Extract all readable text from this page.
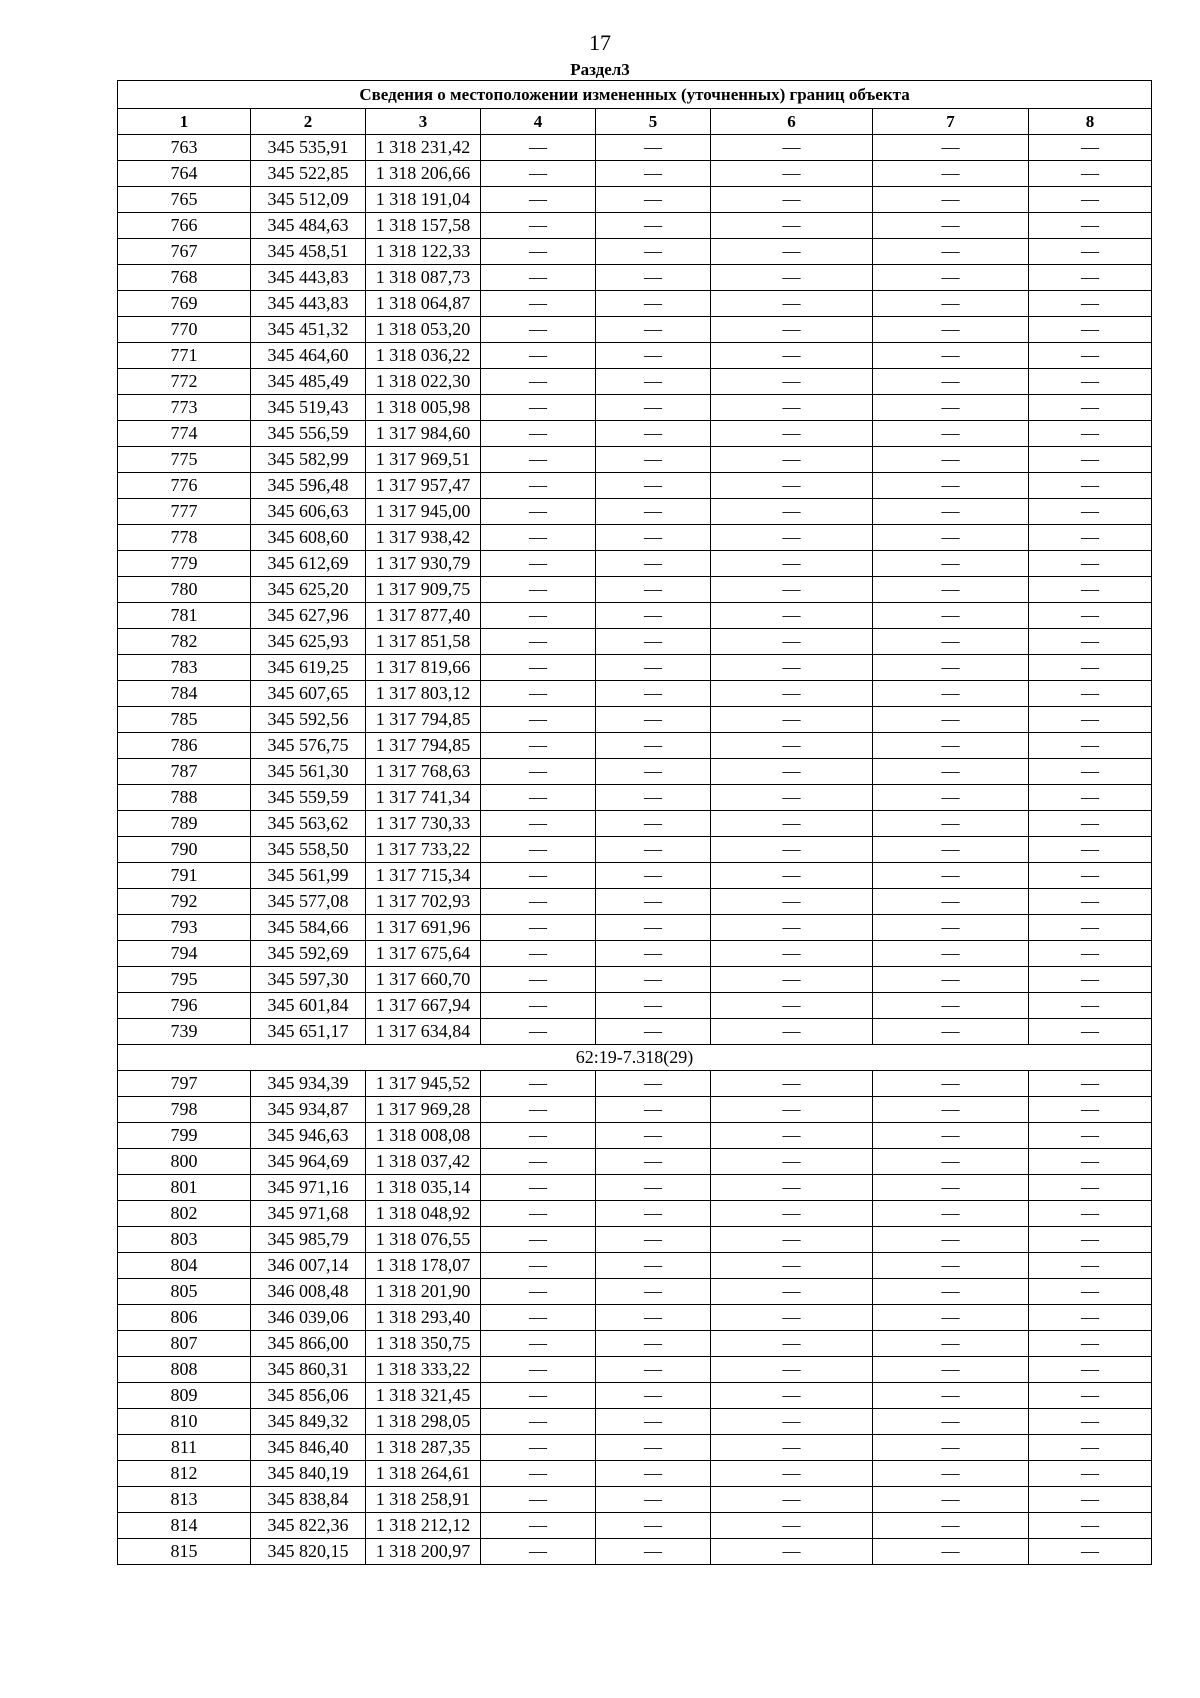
17
Раздел3
Сведения о местоположении измененных (уточненных) границ объекта							
1	2	3	4	5	6	7	8
763	345 535,91	1 318 231,42	—	—	—	—	—
764	345 522,85	1 318 206,66	—	—	—	—	—
765	345 512,09	1 318 191,04	—	—	—	—	—
766	345 484,63	1 318 157,58	—	—	—	—	—
767	345 458,51	1 318 122,33	—	—	—	—	—
768	345 443,83	1 318 087,73	—	—	—	—	—
769	345 443,83	1 318 064,87	—	—	—	—	—
770	345 451,32	1 318 053,20	—	—	—	—	—
771	345 464,60	1 318 036,22	—	—	—	—	—
772	345 485,49	1 318 022,30	—	—	—	—	—
773	345 519,43	1 318 005,98	—	—	—	—	—
774	345 556,59	1 317 984,60	—	—	—	—	—
775	345 582,99	1 317 969,51	—	—	—	—	—
776	345 596,48	1 317 957,47	—	—	—	—	—
777	345 606,63	1 317 945,00	—	—	—	—	—
778	345 608,60	1 317 938,42	—	—	—	—	—
779	345 612,69	1 317 930,79	—	—	—	—	—
780	345 625,20	1 317 909,75	—	—	—	—	—
781	345 627,96	1 317 877,40	—	—	—	—	—
782	345 625,93	1 317 851,58	—	—	—	—	—
783	345 619,25	1 317 819,66	—	—	—	—	—
784	345 607,65	1 317 803,12	—	—	—	—	—
785	345 592,56	1 317 794,85	—	—	—	—	—
786	345 576,75	1 317 794,85	—	—	—	—	—
787	345 561,30	1 317 768,63	—	—	—	—	—
788	345 559,59	1 317 741,34	—	—	—	—	—
789	345 563,62	1 317 730,33	—	—	—	—	—
790	345 558,50	1 317 733,22	—	—	—	—	—
791	345 561,99	1 317 715,34	—	—	—	—	—
792	345 577,08	1 317 702,93	—	—	—	—	—
793	345 584,66	1 317 691,96	—	—	—	—	—
794	345 592,69	1 317 675,64	—	—	—	—	—
795	345 597,30	1 317 660,70	—	—	—	—	—
796	345 601,84	1 317 667,94	—	—	—	—	—
739	345 651,17	1 317 634,84	—	—	—	—	—
62:19-7.318(29)							
797	345 934,39	1 317 945,52	—	—	—	—	—
798	345 934,87	1 317 969,28	—	—	—	—	—
799	345 946,63	1 318 008,08	—	—	—	—	—
800	345 964,69	1 318 037,42	—	—	—	—	—
801	345 971,16	1 318 035,14	—	—	—	—	—
802	345 971,68	1 318 048,92	—	—	—	—	—
803	345 985,79	1 318 076,55	—	—	—	—	—
804	346 007,14	1 318 178,07	—	—	—	—	—
805	346 008,48	1 318 201,90	—	—	—	—	—
806	346 039,06	1 318 293,40	—	—	—	—	—
807	345 866,00	1 318 350,75	—	—	—	—	—
808	345 860,31	1 318 333,22	—	—	—	—	—
809	345 856,06	1 318 321,45	—	—	—	—	—
810	345 849,32	1 318 298,05	—	—	—	—	—
811	345 846,40	1 318 287,35	—	—	—	—	—
812	345 840,19	1 318 264,61	—	—	—	—	—
813	345 838,84	1 318 258,91	—	—	—	—	—
814	345 822,36	1 318 212,12	—	—	—	—	—
815	345 820,15	1 318 200,97	—	—	—	—	—
